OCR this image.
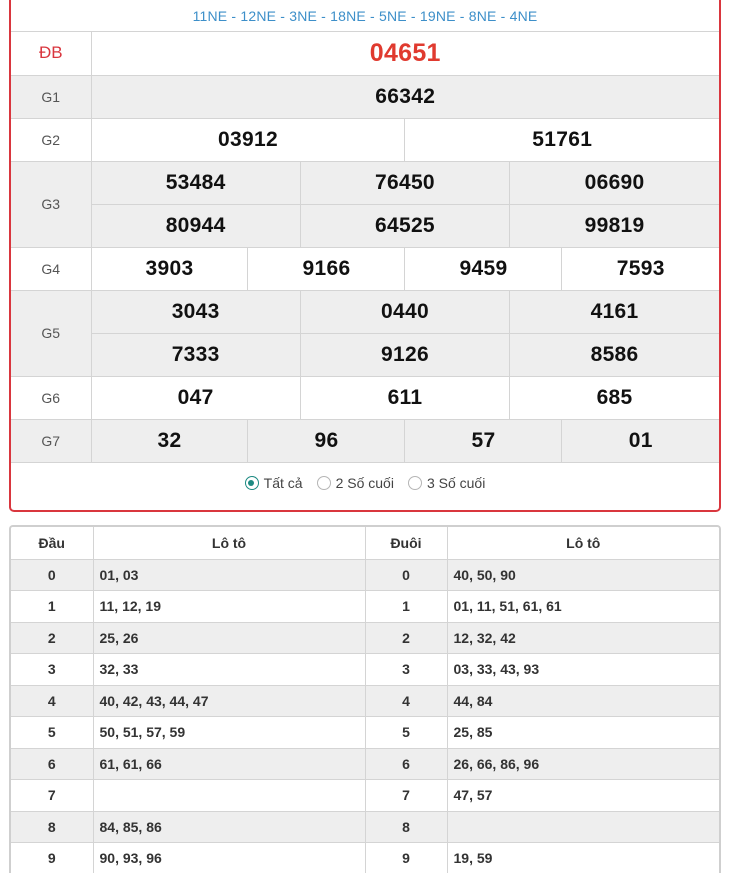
11NE - 12NE - 3NE - 18NE - 5NE - 19NE - 8NE - 4NE
ĐB	04651					
G1	66342					
G2	03912			51761		
G3	53484		76450		06690	
	80944		64525		99819	
G4	3903	9166		9459		7593
G5	3043		0440		4161	
	7333		9126		8586	
G6	047		611		685	
G7	32	96		57		01
Tất cả 2 Số cuối 3 Số cuối
Đầu	Lô tô	Đuôi	Lô tô
0	01, 03	0	40, 50, 90
1	11, 12, 19	1	01, 11, 51, 61, 61
2	25, 26	2	12, 32, 42
3	32, 33	3	03, 33, 43, 93
4	40, 42, 43, 44, 47	4	44, 84
5	50, 51, 57, 59	5	25, 85
6	61, 61, 66	6	26, 66, 86, 96
7		7	47, 57
8	84, 85, 86	8	
9	90, 93, 96	9	19, 59
